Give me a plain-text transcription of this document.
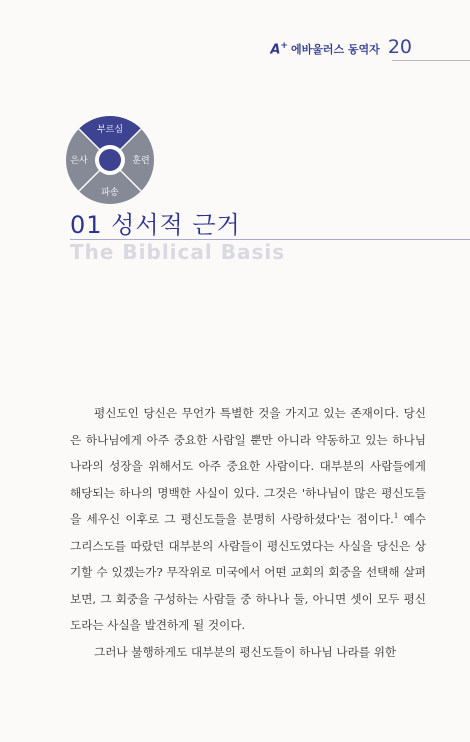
A+ 에바울러스 동역자 20
부르심
은사	훈련
파송
01 성서적 근거
The Biblical Basis

평신도인 당신은 무언가 특별한 것을 가지고 있는 존재이다. 당신은 하나님에게 아주 중요한 사람일 뿐만 아니라 약동하고 있는 하나님 나라의 성장을 위해서도 아주 중요한 사람이다. 대부분의 사람들에게 해당되는 하나의 명백한 사실이 있다. 그것은 '하나님이 많은 평신도들을 세우신 이후로 그 평신도들을 분명히 사랑하셨다'는 점이다.$^1$ 예수 그리스도를 따랐던 대부분의 사람들이 평신도였다는 사실을 당신은 상기할 수 있겠는가? 무작위로 미국에서 어떤 교회의 회중을 선택해 살펴보면, 그 회중을 구성하는 사람들 중 하나나 둘, 아니면 셋이 모두 평신도라는 사실을 발견하게 될 것이다.

그러나 불행하게도 대부분의 평신도들이 하나님 나라를 위한
